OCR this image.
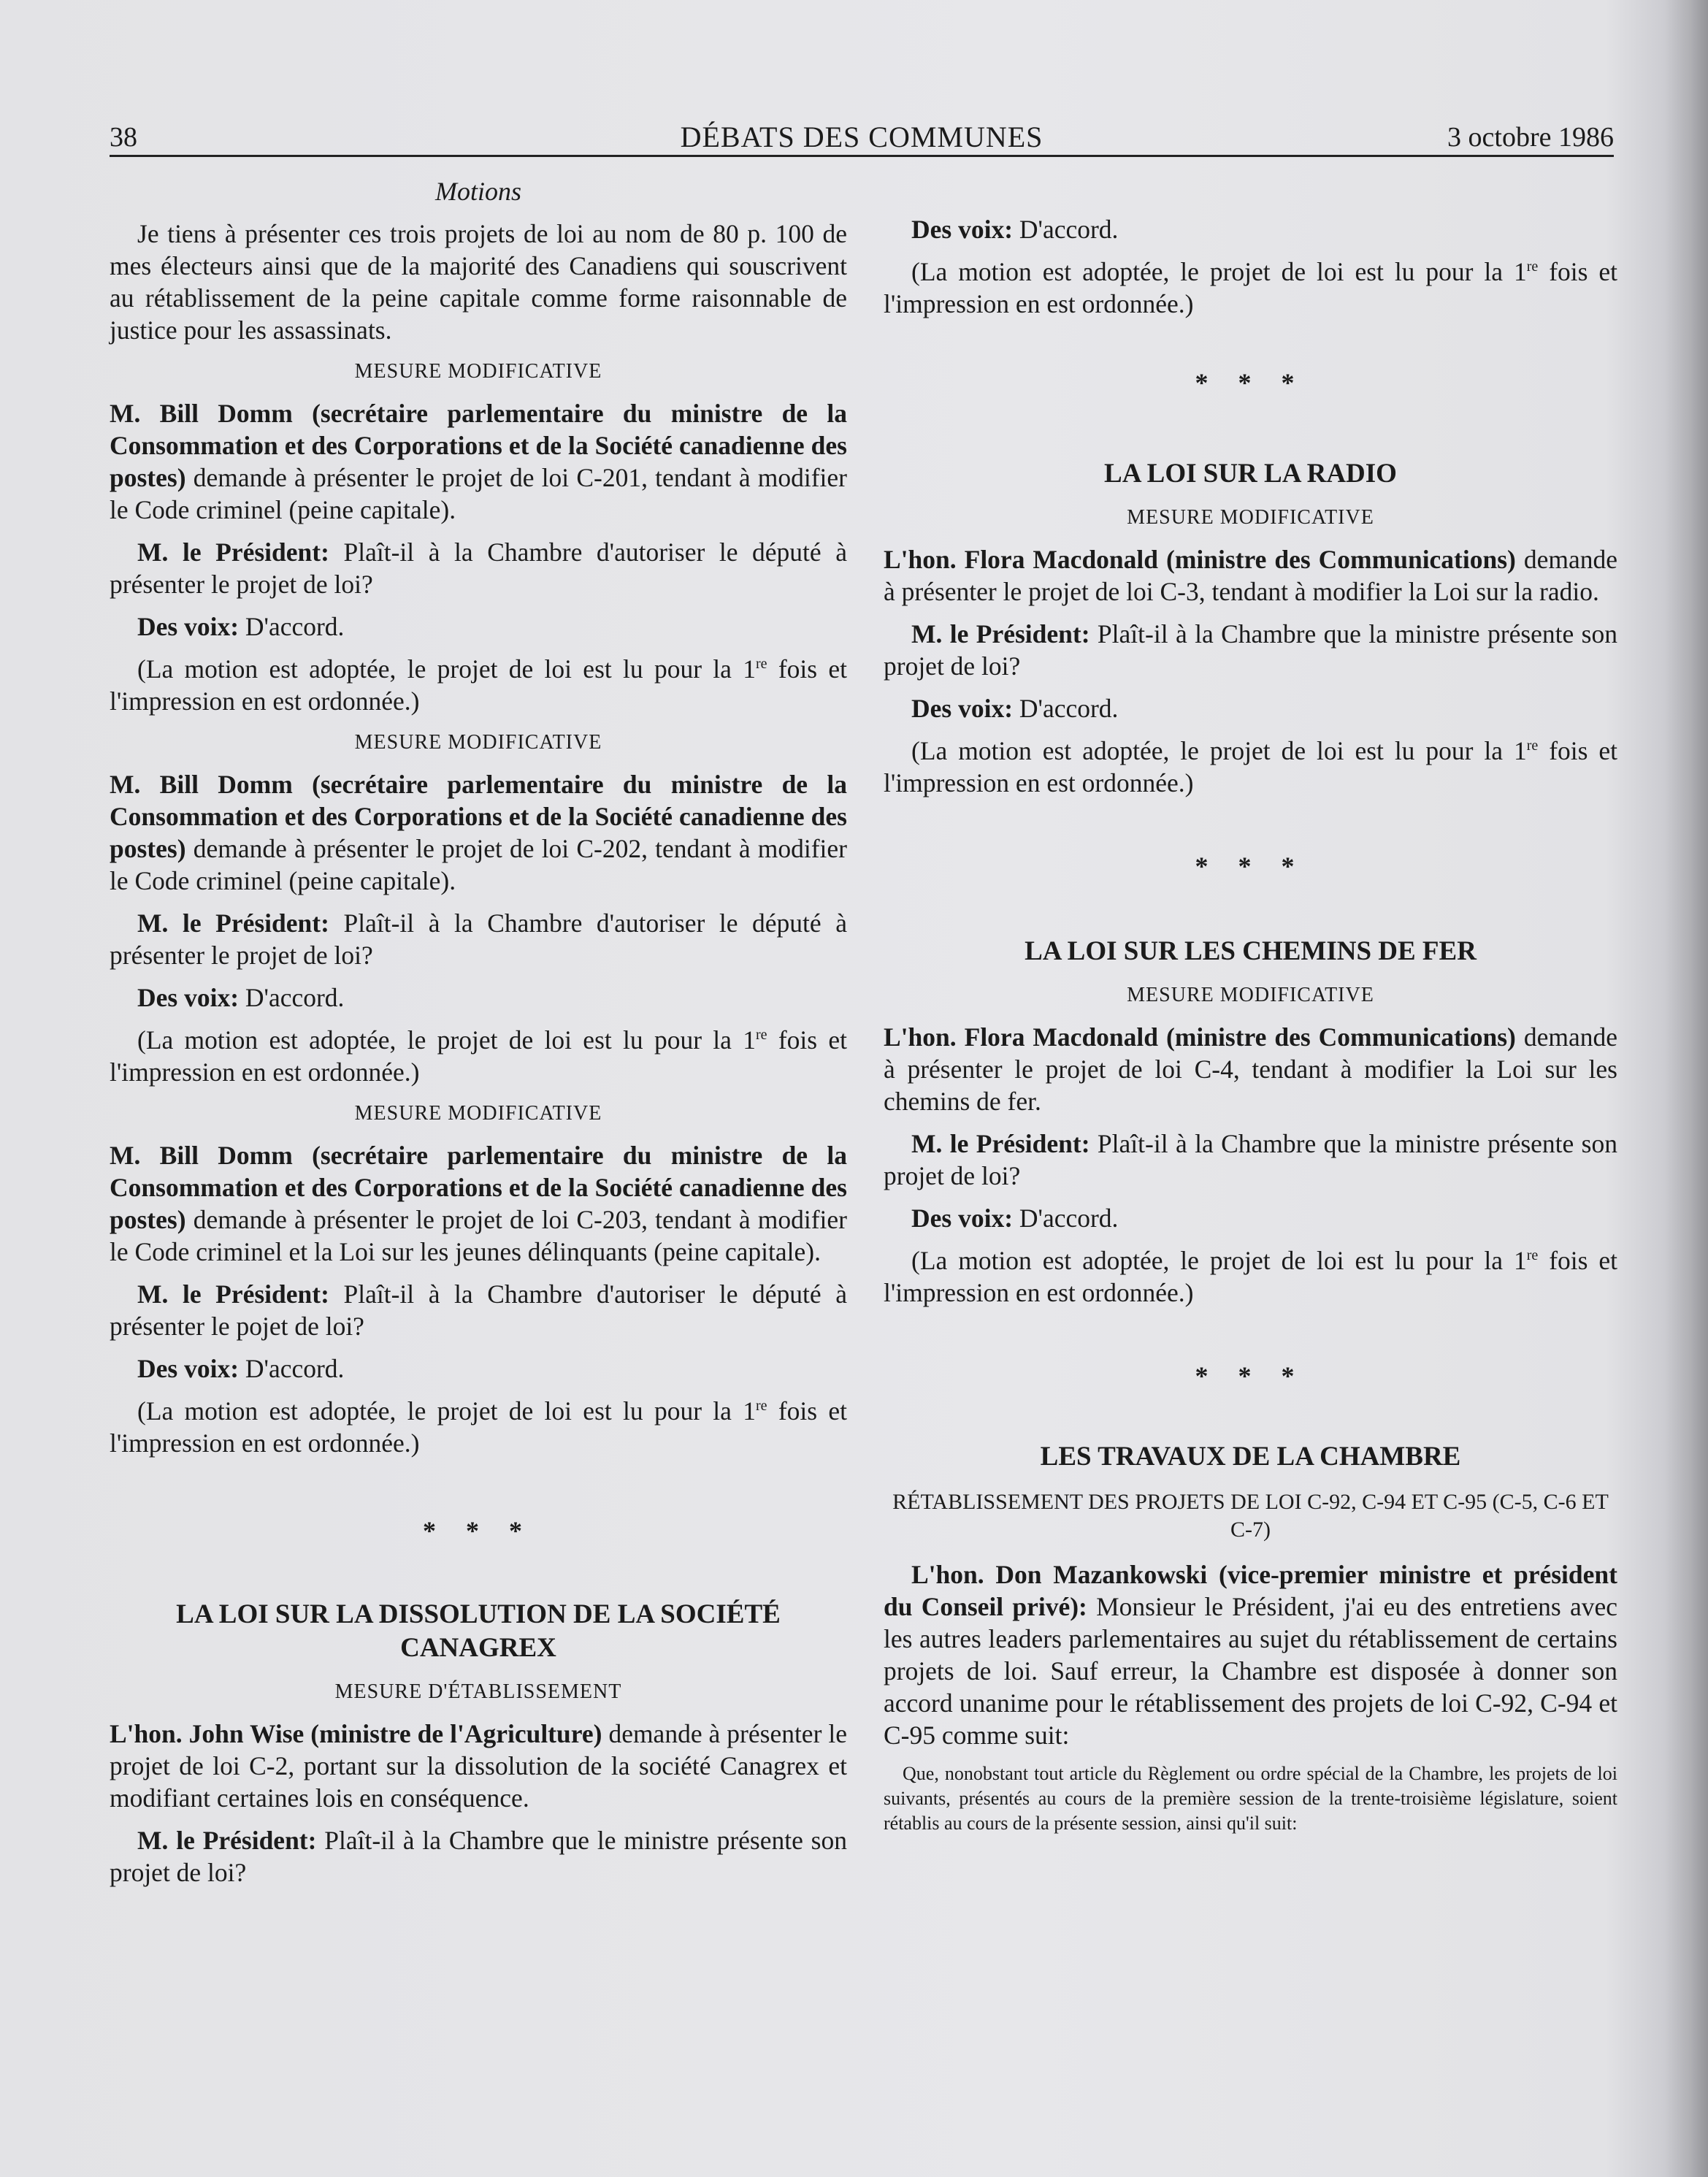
38	DÉBATS DES COMMUNES	3 octobre 1986
Motions

Je tiens à présenter ces trois projets de loi au nom de 80 p. 100 de mes électeurs ainsi que de la majorité des Canadiens qui souscrivent au rétablissement de la peine capitale comme forme raisonnable de justice pour les assassinats.

MESURE MODIFICATIVE

M. Bill Domm (secrétaire parlementaire du ministre de la Consommation et des Corporations et de la Société canadienne des postes) demande à présenter le projet de loi C-201, tendant à modifier le Code criminel (peine capitale).

M. le Président: Plaît-il à la Chambre d'autoriser le député à présenter le projet de loi?

Des voix: D'accord.

(La motion est adoptée, le projet de loi est lu pour la 1re fois et l'impression en est ordonnée.)

MESURE MODIFICATIVE

M. Bill Domm (secrétaire parlementaire du ministre de la Consommation et des Corporations et de la Société canadienne des postes) demande à présenter le projet de loi C-202, tendant à modifier le Code criminel (peine capitale).

M. le Président: Plaît-il à la Chambre d'autoriser le député à présenter le projet de loi?

Des voix: D'accord.

(La motion est adoptée, le projet de loi est lu pour la 1re fois et l'impression en est ordonnée.)

MESURE MODIFICATIVE

M. Bill Domm (secrétaire parlementaire du ministre de la Consommation et des Corporations et de la Société canadienne des postes) demande à présenter le projet de loi C-203, tendant à modifier le Code criminel et la Loi sur les jeunes délinquants (peine capitale).

M. le Président: Plaît-il à la Chambre d'autoriser le député à présenter le pojet de loi?

Des voix: D'accord.

(La motion est adoptée, le projet de loi est lu pour la 1re fois et l'impression en est ordonnée.)

* * *
LA LOI SUR LA DISSOLUTION DE LA SOCIÉTÉ CANAGREX
MESURE D'ÉTABLISSEMENT

L'hon. John Wise (ministre de l'Agriculture) demande à présenter le projet de loi C-2, portant sur la dissolution de la société Canagrex et modifiant certaines lois en conséquence.

M. le Président: Plaît-il à la Chambre que le ministre présente son projet de loi?

Des voix: D'accord.

(La motion est adoptée, le projet de loi est lu pour la 1re fois et l'impression en est ordonnée.)

* * *
LA LOI SUR LA RADIO
MESURE MODIFICATIVE

L'hon. Flora Macdonald (ministre des Communications) demande à présenter le projet de loi C-3, tendant à modifier la Loi sur la radio.

M. le Président: Plaît-il à la Chambre que la ministre présente son projet de loi?

Des voix: D'accord.

(La motion est adoptée, le projet de loi est lu pour la 1re fois et l'impression en est ordonnée.)

* * *
LA LOI SUR LES CHEMINS DE FER
MESURE MODIFICATIVE

L'hon. Flora Macdonald (ministre des Communications) demande à présenter le projet de loi C-4, tendant à modifier la Loi sur les chemins de fer.

M. le Président: Plaît-il à la Chambre que la ministre présente son projet de loi?

Des voix: D'accord.

(La motion est adoptée, le projet de loi est lu pour la 1re fois et l'impression en est ordonnée.)

* * *
LES TRAVAUX DE LA CHAMBRE
RÉTABLISSEMENT DES PROJETS DE LOI C-92, C-94 ET C-95 (C-5, C-6 ET C-7)

L'hon. Don Mazankowski (vice-premier ministre et président du Conseil privé): Monsieur le Président, j'ai eu des entretiens avec les autres leaders parlementaires au sujet du rétablissement de certains projets de loi. Sauf erreur, la Chambre est disposée à donner son accord unanime pour le rétablissement des projets de loi C-92, C-94 et C-95 comme suit:

Que, nonobstant tout article du Règlement ou ordre spécial de la Chambre, les projets de loi suivants, présentés au cours de la première session de la trente-troisième législature, soient rétablis au cours de la présente session, ainsi qu'il suit:
